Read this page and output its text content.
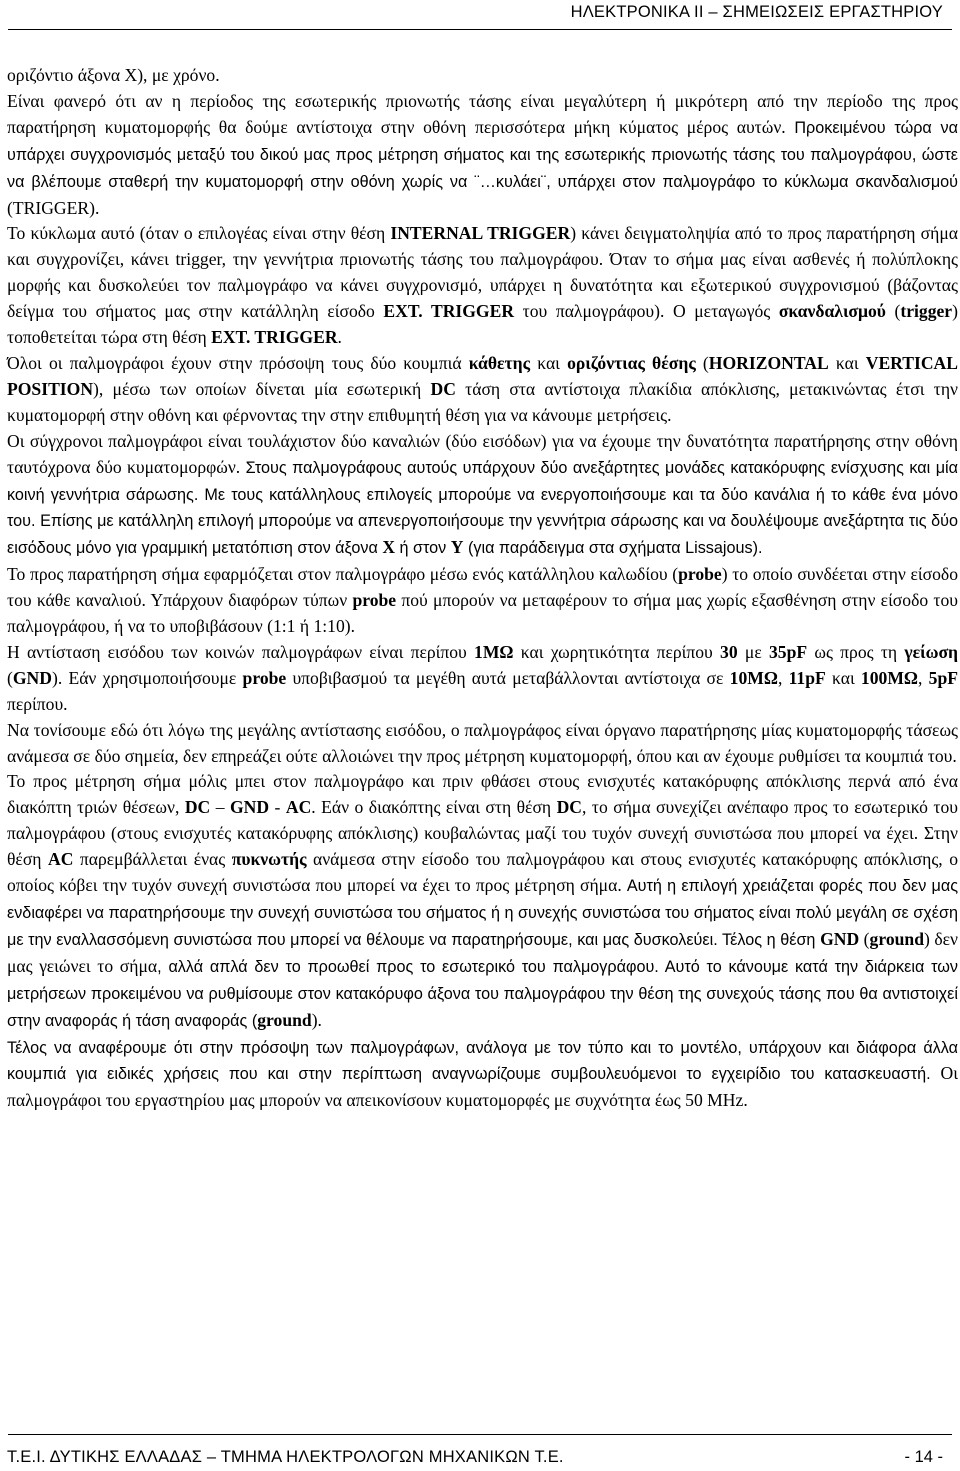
ΗΛΕΚΤΡΟΝΙΚΑ ΙΙ – ΣΗΜΕΙΩΣΕΙΣ ΕΡΓΑΣΤΗΡΙΟΥ

οριζόντιο άξονα Χ), με χρόνο.

Είναι φανερό ότι αν η περίοδος της εσωτερικής πριονωτής τάσης είναι μεγαλύτερη ή μικρότερη από την περίοδο της προς παρατήρηση κυματομορφής θα δούμε αντίστοιχα στην οθόνη περισσότερα μήκη κύματος μέρος αυτών. Προκειμένου τώρα να υπάρχει συγχρονισμός μεταξύ του δικού μας προς μέτρηση σήματος και της εσωτερικής πριονωτής τάσης του παλμογράφου, ώστε να βλέπουμε σταθερή την κυματομορφή στην οθόνη χωρίς να ¨…κυλάει¨, υπάρχει στον παλμογράφο το κύκλωμα σκανδαλισμού (TRIGGER).

Το κύκλωμα αυτό (όταν ο επιλογέας είναι στην θέση INTERNAL TRIGGER) κάνει δειγματοληψία από το προς παρατήρηση σήμα και συγχρονίζει, κάνει trigger, την γεννήτρια πριονωτής τάσης του παλμογράφου. Όταν το σήμα μας είναι ασθενές ή πολύπλοκης μορφής και δυσκολεύει τον παλμογράφο να κάνει συγχρονισμό, υπάρχει η δυνατότητα και εξωτερικού συγχρονισμού (βάζοντας δείγμα του σήματος μας στην κατάλληλη είσοδο EXT. TRIGGER του παλμογράφου). Ο μεταγωγός σκανδαλισμού (trigger) τοποθετείται τώρα στη θέση EXT. TRIGGER.

Όλοι οι παλμογράφοι έχουν στην πρόσοψη τους δύο κουμπιά κάθετης και οριζόντιας θέσης (HORIZONTAL και VERTICAL POSITION), μέσω των οποίων δίνεται μία εσωτερική DC τάση στα αντίστοιχα πλακίδια απόκλισης, μετακινώντας έτσι την κυματομορφή στην οθόνη και φέρνοντας την στην επιθυμητή θέση για να κάνουμε μετρήσεις.

Οι σύγχρονοι παλμογράφοι είναι τουλάχιστον δύο καναλιών (δύο εισόδων) για να έχουμε την δυνατότητα παρατήρησης στην οθόνη ταυτόχρονα δύο κυματομορφών. Στους παλμογράφους αυτούς υπάρχουν δύο ανεξάρτητες μονάδες κατακόρυφης ενίσχυσης και μία κοινή γεννήτρια σάρωσης. Με τους κατάλληλους επιλογείς μπορούμε να ενεργοποιήσουμε και τα δύο κανάλια ή το κάθε ένα μόνο του. Επίσης με κατάλληλη επιλογή μπορούμε να απενεργοποιήσουμε την γεννήτρια σάρωσης και να δουλέψουμε ανεξάρτητα τις δύο εισόδους μόνο για γραμμική μετατόπιση στον άξονα X ή στον Y (για παράδειγμα στα σχήματα Lissajous).

Το προς παρατήρηση σήμα εφαρμόζεται στον παλμογράφο μέσω ενός κατάλληλου καλωδίου (probe) το οποίο συνδέεται στην είσοδο του κάθε καναλιού. Υπάρχουν διαφόρων τύπων probe πού μπορούν να μεταφέρουν το σήμα μας χωρίς εξασθένηση στην είσοδο του παλμογράφου, ή να το υποβιβάσουν (1:1 ή 1:10).

Η αντίσταση εισόδου των κοινών παλμογράφων είναι περίπου 1ΜΩ και χωρητικότητα περίπου 30 με 35pF ως προς τη γείωση (GND). Εάν χρησιμοποιήσουμε probe υποβιβασμού τα μεγέθη αυτά μεταβάλλονται αντίστοιχα σε 10ΜΩ, 11pF και 100ΜΩ, 5pF περίπου.

Να τονίσουμε εδώ ότι λόγω της μεγάλης αντίστασης εισόδου, ο παλμογράφος είναι όργανο παρατήρησης μίας κυματομορφής τάσεως ανάμεσα σε δύο σημεία, δεν επηρεάζει ούτε αλλοιώνει την προς μέτρηση κυματομορφή, όπου και αν έχουμε ρυθμίσει τα κουμπιά του.

Το προς μέτρηση σήμα μόλις μπει στον παλμογράφο και πριν φθάσει στους ενισχυτές κατακόρυφης απόκλισης περνά από ένα διακόπτη τριών θέσεων, DC – GND - AC. Εάν ο διακόπτης είναι στη θέση DC, το σήμα συνεχίζει ανέπαφο προς το εσωτερικό του παλμογράφου (στους ενισχυτές κατακόρυφης απόκλισης) κουβαλώντας μαζί του τυχόν συνεχή συνιστώσα που μπορεί να έχει. Στην θέση AC παρεμβάλλεται ένας πυκνωτής ανάμεσα στην είσοδο του παλμογράφου και στους ενισχυτές κατακόρυφης απόκλισης, ο οποίος κόβει την τυχόν συνεχή συνιστώσα που μπορεί να έχει το προς μέτρηση σήμα. Αυτή η επιλογή χρειάζεται φορές που δεν μας ενδιαφέρει να παρατηρήσουμε την συνεχή συνιστώσα του σήματος ή η συνεχής συνιστώσα του σήματος είναι πολύ μεγάλη σε σχέση με την εναλλασσόμενη συνιστώσα που μπορεί να θέλουμε να παρατηρήσουμε, και μας δυσκολεύει. Τέλος η θέση GND (ground) δεν μας γειώνει το σήμα, αλλά απλά δεν το προωθεί προς το εσωτερικό του παλμογράφου. Αυτό το κάνουμε κατά την διάρκεια των μετρήσεων προκειμένου να ρυθμίσουμε στον κατακόρυφο άξονα του παλμογράφου την θέση της συνεχούς τάσης που θα αντιστοιχεί στην αναφοράς ή τάση αναφοράς (ground).

Τέλος να αναφέρουμε ότι στην πρόσοψη των παλμογράφων, ανάλογα με τον τύπο και το μοντέλο, υπάρχουν και διάφορα άλλα κουμπιά για ειδικές χρήσεις που και στην περίπτωση αναγνωρίζουμε συμβουλευόμενοι το εγχειρίδιο του κατασκευαστή. Οι παλμογράφοι του εργαστηρίου μας μπορούν να απεικονίσουν κυματομορφές με συχνότητα έως 50 MHz.

Τ.Ε.Ι. ΔΥΤΙΚΗΣ ΕΛΛΑΔΑΣ – ΤΜΗΜΑ ΗΛΕΚΤΡΟΛΟΓΩΝ ΜΗΧΑΝΙΚΩΝ Τ.Ε.	- 14 -
